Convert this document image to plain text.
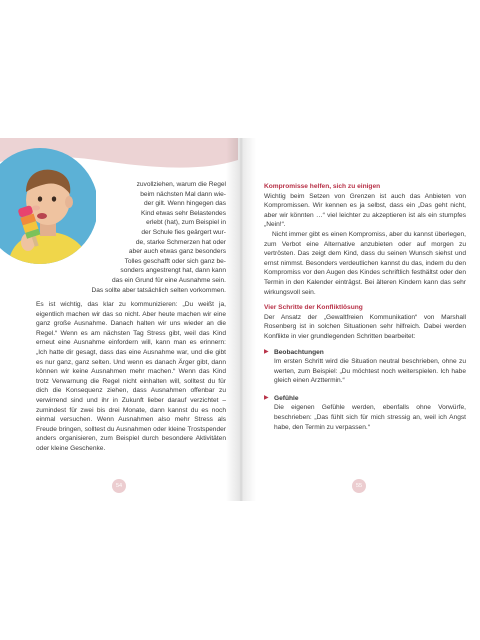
zuvollziehen, warum die Regel
beim nächsten Mal dann wie-
der gilt. Wenn hingegen das
Kind etwas sehr Belastendes
erlebt (hat), zum Beispiel in
der Schule fies geärgert wur-
de, starke Schmerzen hat oder
aber auch etwas ganz besonders
Tolles geschafft oder sich ganz be-
sonders angestrengt hat, dann kann
das ein Grund für eine Ausnahme sein.
Das sollte aber tatsächlich selten vorkommen.

Es ist wichtig, das klar zu kommunizieren: „Du weißt ja, eigentlich machen wir das so nicht. Aber heute machen wir eine ganz große Ausnahme. Danach halten wir uns wieder an die Regel.“ Wenn es am nächsten Tag Stress gibt, weil das Kind erneut eine Ausnahme einfordern will, kann man es erinnern: „Ich hatte dir gesagt, dass das eine Ausnahme war, und die gibt es nur ganz, ganz selten. Und wenn es danach Ärger gibt, dann können wir keine Ausnahmen mehr machen.“ Wenn das Kind trotz Verwarnung die Regel nicht einhalten will, solltest du für dich die Konsequenz ziehen, dass Ausnahmen offenbar zu verwirrend sind und ihr in Zukunft lieber darauf verzichtet – zumindest für zwei bis drei Monate, dann kannst du es noch einmal versuchen. Wenn Ausnahmen also mehr Stress als Freude bringen, solltest du Ausnahmen oder kleine Trostspender anders organisieren, zum Beispiel durch besondere Aktivitäten oder kleine Geschenke.

54
Kompromisse helfen, sich zu einigen
Wichtig beim Setzen von Grenzen ist auch das Anbieten von Kompromissen. Wir kennen es ja selbst, dass ein „Das geht nicht, aber wir könnten …“ viel leichter zu akzeptieren ist als ein stumpfes „Nein!“.
Nicht immer gibt es einen Kompromiss, aber du kannst überlegen, zum Verbot eine Alternative anzubieten oder auf morgen zu vertrösten. Das zeigt dem Kind, dass du seinen Wunsch siehst und ernst nimmst. Besonders verdeutlichen kannst du das, indem du den Kompromiss vor den Augen des Kindes schriftlich festhältst oder den Termin in den Kalender einträgst. Bei älteren Kindern kann das sehr wirkungsvoll sein.
Vier Schritte der Konfliktlösung
Der Ansatz der „Gewaltfreien Kommunikation“ von Marshall Rosenberg ist in solchen Situationen sehr hilfreich. Dabei werden Konflikte in vier grundlegenden Schritten bearbeitet:
▶ Beobachtungen
Im ersten Schritt wird die Situation neutral beschrieben, ohne zu werten, zum Beispiel: „Du möchtest noch weiterspielen. Ich habe gleich einen Arzttermin.“
▶ Gefühle
Die eigenen Gefühle werden, ebenfalls ohne Vorwürfe, beschrieben: „Das fühlt sich für mich stressig an, weil ich Angst habe, den Termin zu verpassen.“
55
